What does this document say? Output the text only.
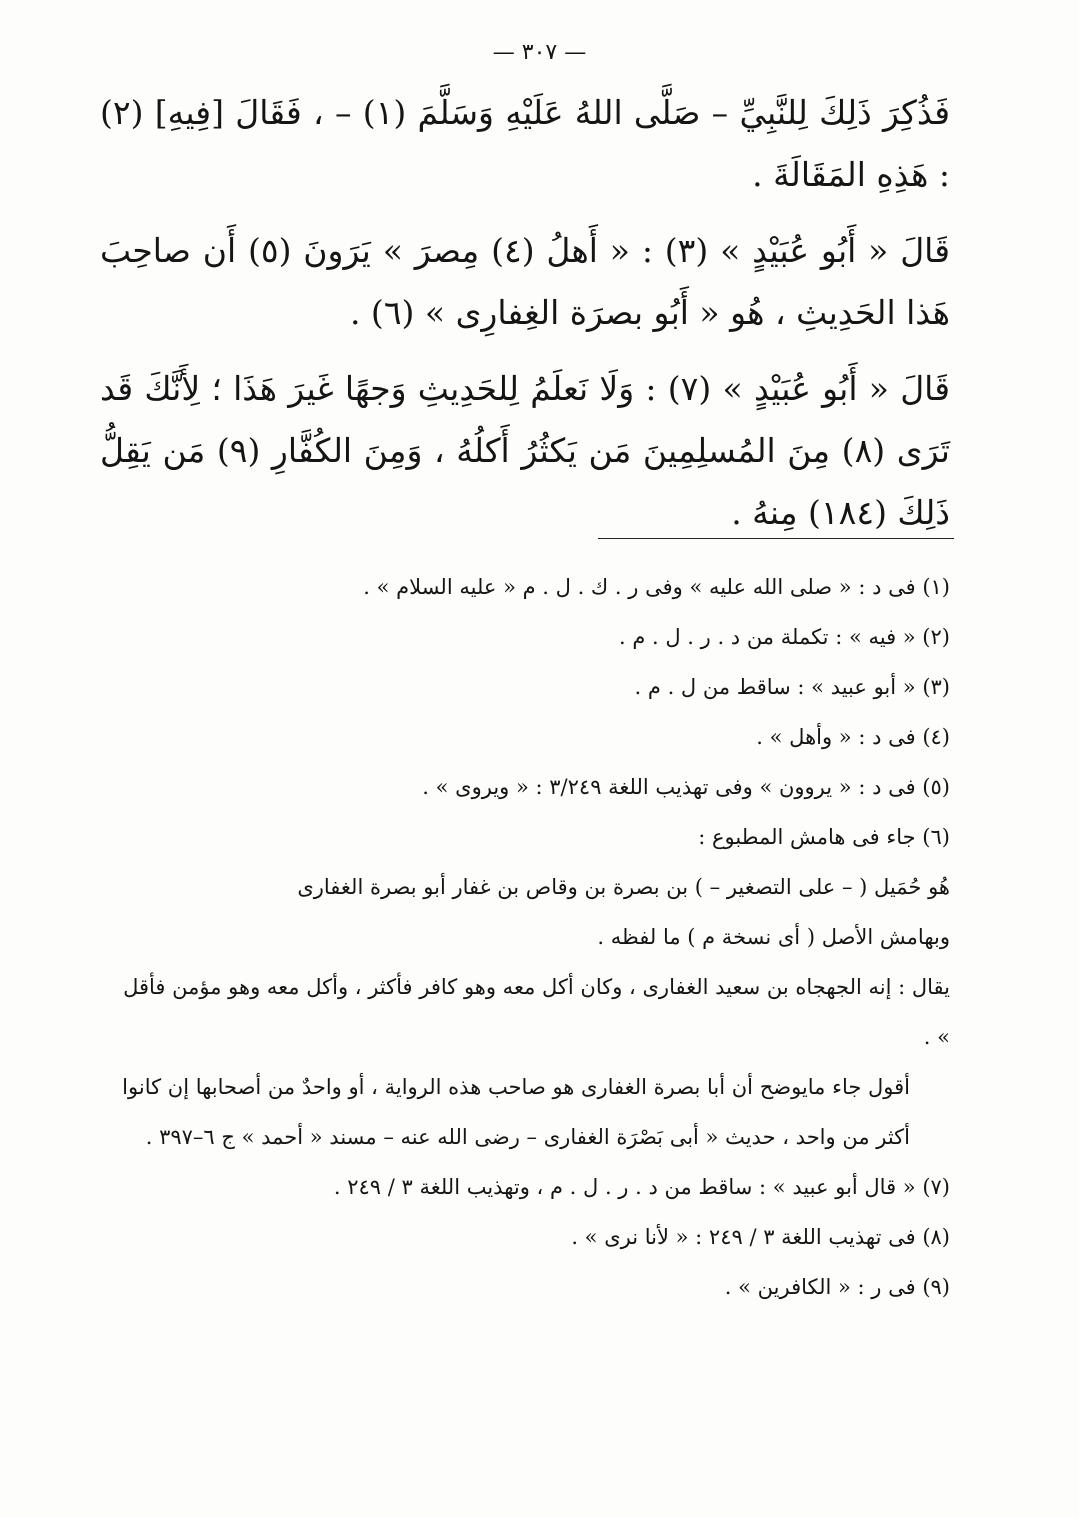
— ٣٠٧ —

فَذُكِرَ ذَلِكَ لِلنَّبِيِّ – صَلَّى اللهُ عَلَيْهِ وَسَلَّمَ (١) – ، فَقَالَ [فِيهِ] (٢) : هَذِهِ المَقَالَةَ .

قَالَ « أَبُو عُبَيْدٍ » (٣) : « أَهلُ (٤) مِصرَ » يَرَونَ (٥) أَن صاحِبَ هَذا الحَدِيثِ ، هُو « أَبُو بصرَة الغِفارِى » (٦) .

قَالَ « أَبُو عُبَيْدٍ » (٧) : وَلَا نَعلَمُ لِلحَدِيثِ وَجهًا غَيرَ هَذَا ؛ لِأَنَّكَ قَد تَرَى (٨) مِنَ المُسلِمِينَ مَن يَكثُرُ أَكلُهُ ، وَمِنَ الكُفَّارِ (٩) مَن يَقِلُّ ذَلِكَ (١٨٤) مِنهُ .

(١) فى د : « صلى الله عليه » وفى ر . ك . ل . م « عليه السلام » .

(٢) « فيه » : تكملة من د . ر . ل . م .

(٣) « أبو عبيد » : ساقط من ل . م .

(٤) فى د : « وأهل » .

(٥) فى د : « يروون » وفى تهذيب اللغة ٣/٢٤٩ : « ويروى » .

(٦) جاء فى هامش المطبوع :

هُو حُمَيل ( – على التصغير – ) بن بصرة بن وقاص بن غفار أبو بصرة الغفارى

وبهامش الأصل ( أى نسخة م ) ما لفظه .

يقال : إنه الجهجاه بن سعيد الغفارى ، وكان أكل معه وهو كافر فأكثر ، وأكل معه وهو مؤمن فأقل » .

أقول جاء مايوضح أن أبا بصرة الغفارى هو صاحب هذه الرواية ، أو واحدٌ من أصحابها إن كانوا أكثر من واحد ، حديث « أبى بَصْرَة الغفارى – رضى الله عنه – مسند « أحمد » ج ٦–٣٩٧ .

(٧) « قال أبو عبيد » : ساقط من د . ر . ل . م ، وتهذيب اللغة ٣ / ٢٤٩ .

(٨) فى تهذيب اللغة ٣ / ٢٤٩ : « لأنا نرى » .

(٩) فى ر : « الكافرين » .
